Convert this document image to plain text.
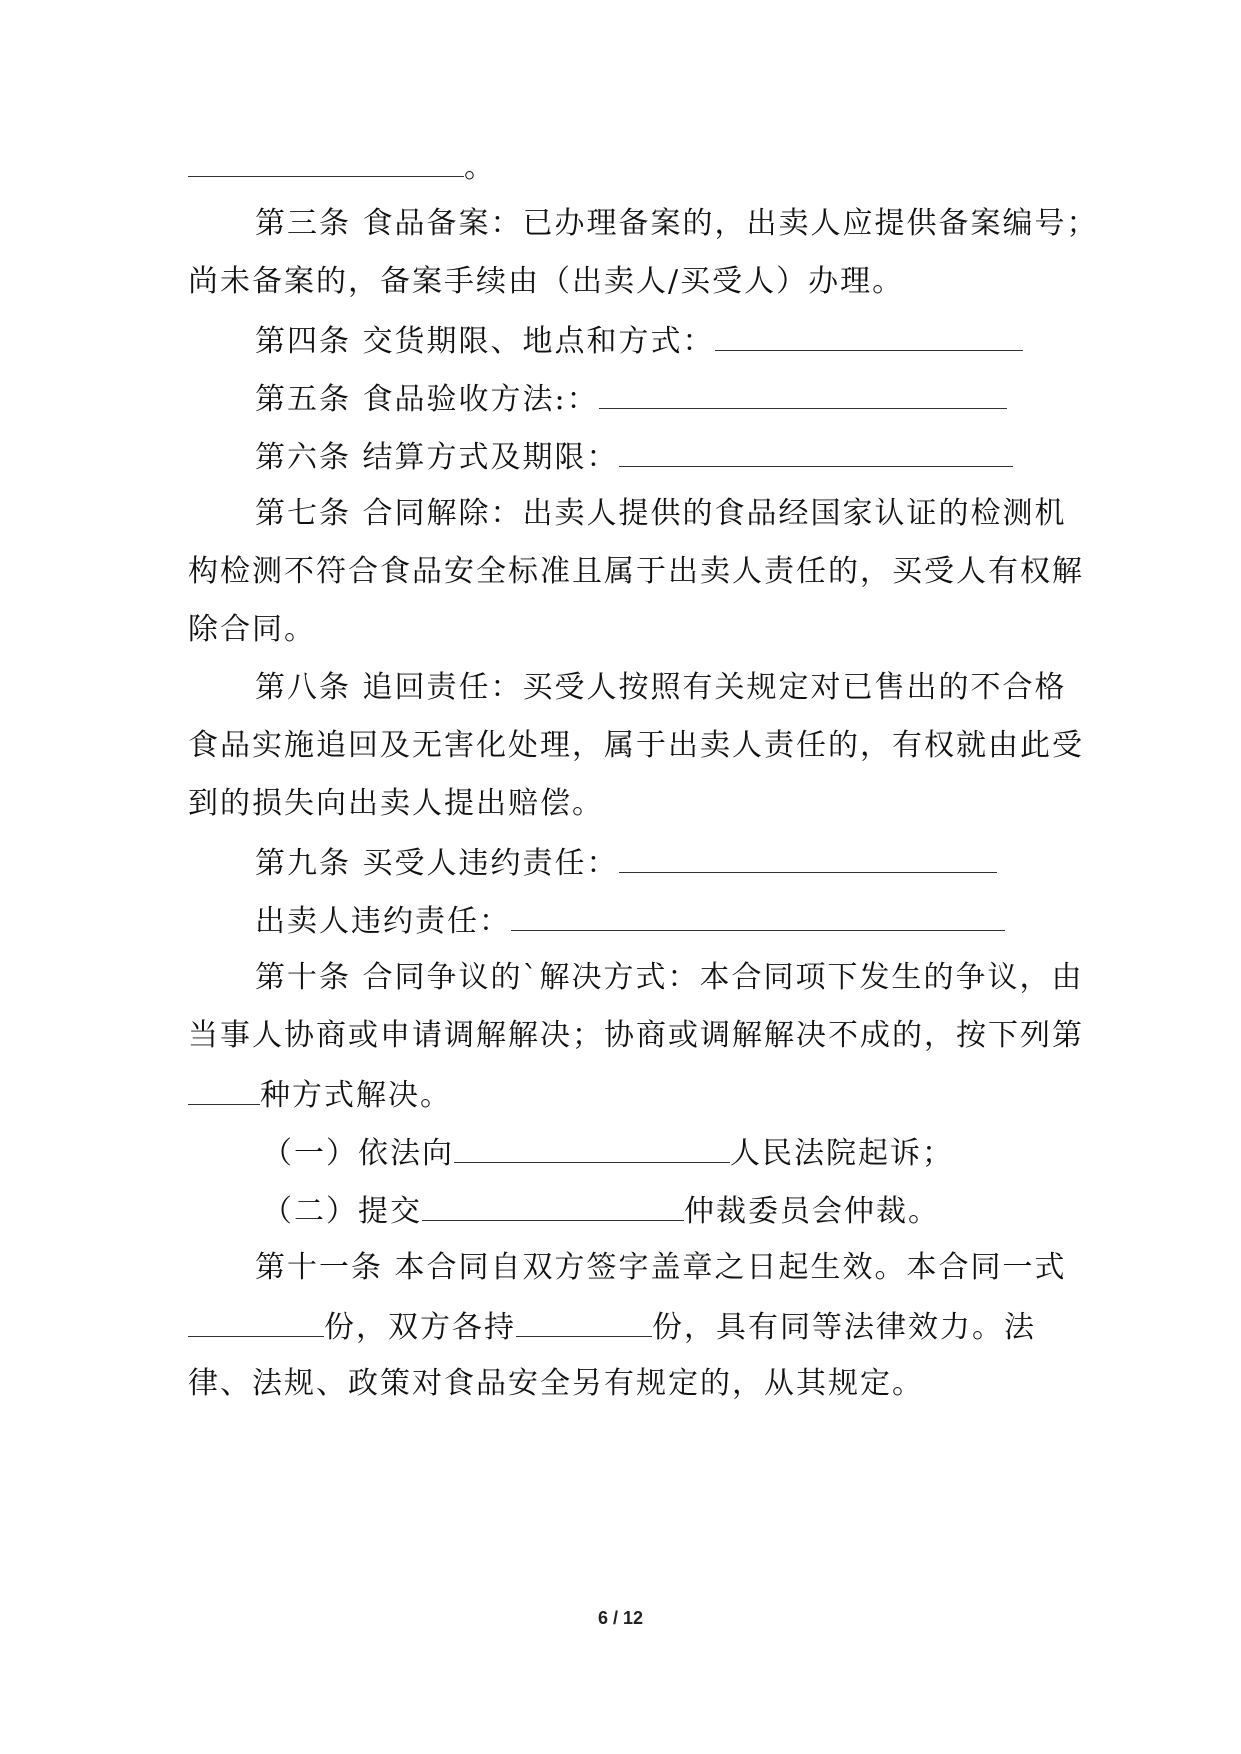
。
第三条 食品备案：已办理备案的，出卖人应提供备案编号；
尚未备案的，备案手续由（出卖人/买受人）办理。
第四条 交货期限、地点和方式：
第五条 食品验收方法:：
第六条 结算方式及期限：
第七条 合同解除：出卖人提供的食品经国家认证的检测机
构检测不符合食品安全标准且属于出卖人责任的，买受人有权解
除合同。
第八条 追回责任：买受人按照有关规定对已售出的不合格
食品实施追回及无害化处理，属于出卖人责任的，有权就由此受
到的损失向出卖人提出赔偿。
第九条 买受人违约责任：
出卖人违约责任：
第十条 合同争议的`解决方式：本合同项下发生的争议，由
当事人协商或申请调解解决；协商或调解解决不成的，按下列第
种方式解决。
（一）依法向	人民法院起诉；
（二）提交	仲裁委员会仲裁。
第十一条 本合同自双方签字盖章之日起生效。本合同一式
份，双方各持	份，具有同等法律效力。法
律、法规、政策对食品安全另有规定的，从其规定。
6 / 12
